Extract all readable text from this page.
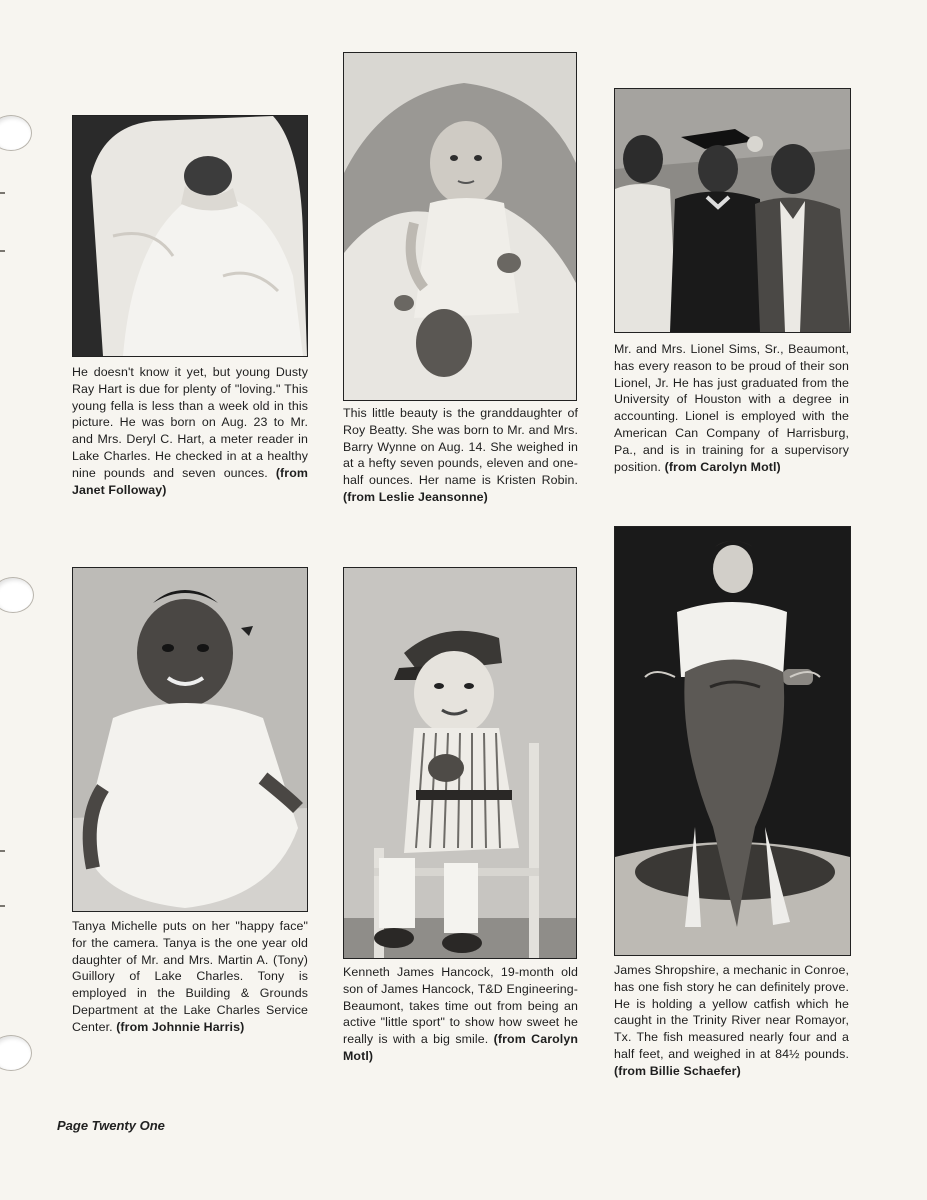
He doesn't know it yet, but young Dusty Ray Hart is due for plenty of "loving." This young fella is less than a week old in this picture. He was born on Aug. 23 to Mr. and Mrs. Deryl C. Hart, a meter reader in Lake Charles. He checked in at a healthy nine pounds and seven ounces. (from Janet Followay)
This little beauty is the granddaughter of Roy Beatty. She was born to Mr. and Mrs. Barry Wynne on Aug. 14. She weighed in at a hefty seven pounds, eleven and one-half ounces. Her name is Kristen Robin. (from Leslie Jeansonne)
Mr. and Mrs. Lionel Sims, Sr., Beaumont, has every reason to be proud of their son Lionel, Jr. He has just graduated from the University of Houston with a degree in accounting. Lionel is employed with the American Can Company of Harrisburg, Pa., and is in training for a supervisory position. (from Carolyn Motl)
Tanya Michelle puts on her "happy face" for the camera. Tanya is the one year old daughter of Mr. and Mrs. Martin A. (Tony) Guillory of Lake Charles. Tony is employed in the Building & Grounds Department at the Lake Charles Service Center. (from Johnnie Harris)
Kenneth James Hancock, 19-month old son of James Hancock, T&D Engineering-Beaumont, takes time out from being an active "little sport" to show how sweet he really is with a big smile. (from Carolyn Motl)
James Shropshire, a mechanic in Conroe, has one fish story he can definitely prove. He is holding a yellow catfish which he caught in the Trinity River near Romayor, Tx. The fish measured nearly four and a half feet, and weighed in at 84½ pounds. (from Billie Schaefer)
Page Twenty One
